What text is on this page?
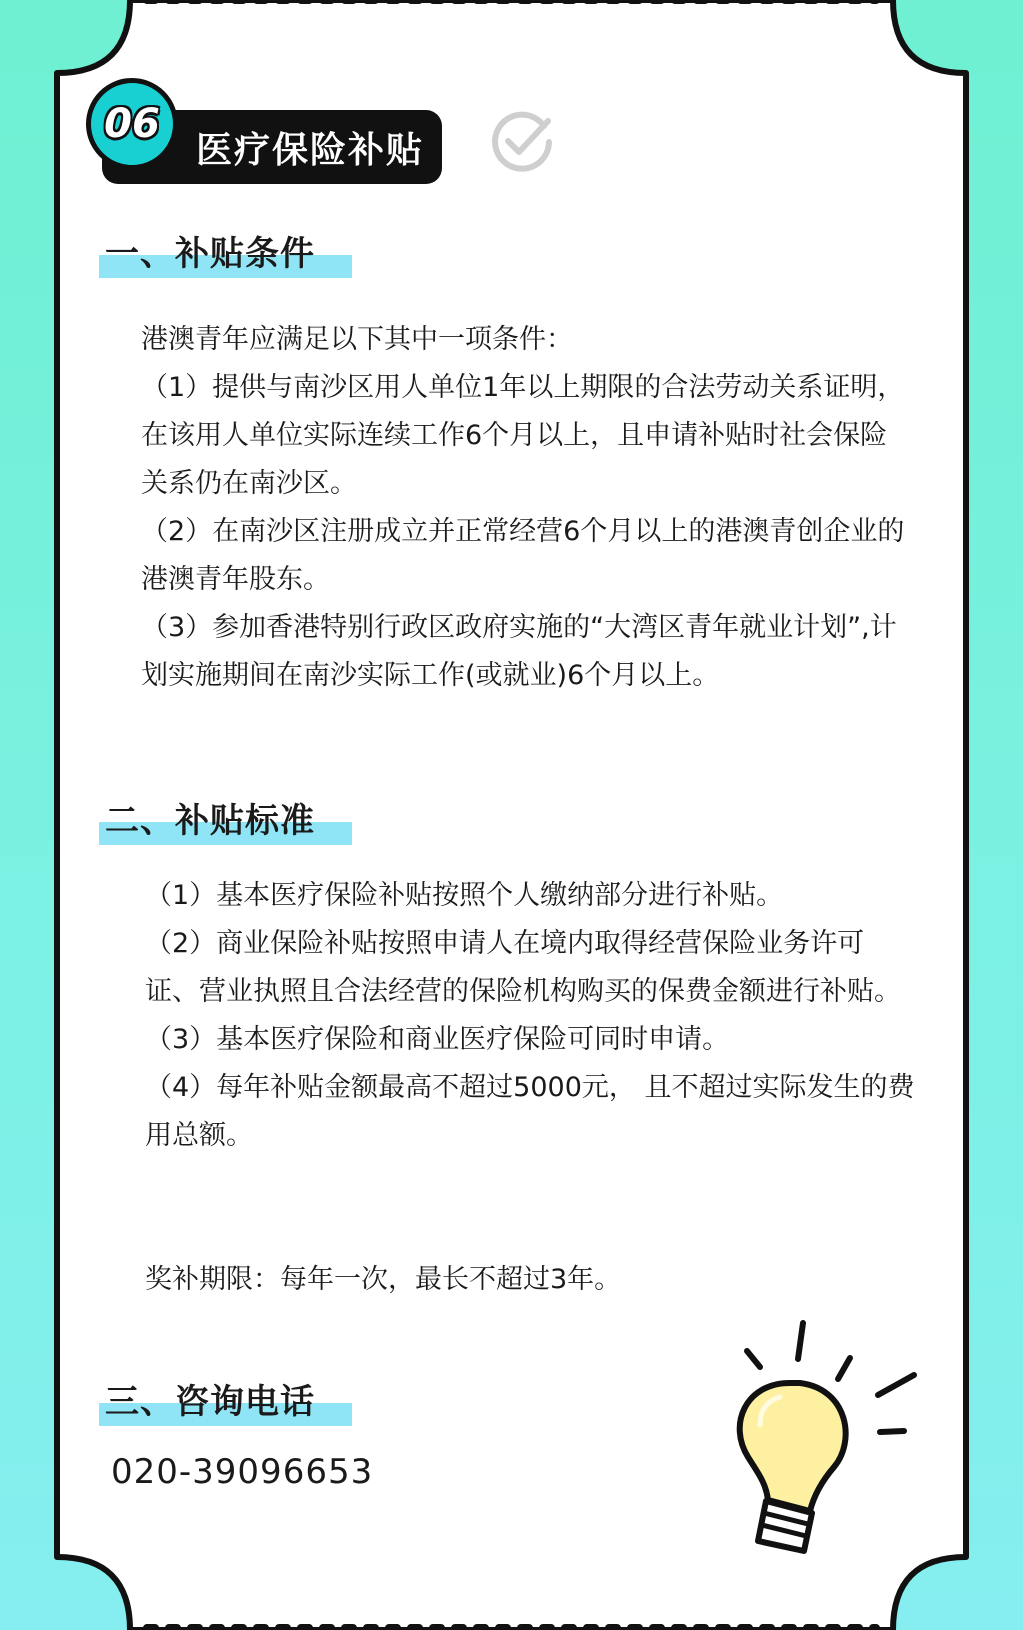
06
医疗保险补贴
一、补贴条件

港澳青年应满足以下其中一项条件：

（1）提供与南沙区用人单位1年以上期限的合法劳动关系证明， 在该用人单位实际连续工作6个月以上，且申请补贴时社会保险关系仍在南沙区。

（2）在南沙区注册成立并正常经营6个月以上的港澳青创企业的港澳青年股东。

（3）参加香港特别行政区政府实施的“大湾区青年就业计划”,计划实施期间在南沙实际工作(或就业)6个月以上。

二、补贴标准

（1）基本医疗保险补贴按照个人缴纳部分进行补贴。

（2）商业保险补贴按照申请人在境内取得经营保险业务许可证、营业执照且合法经营的保险机构购买的保费金额进行补贴。

（3）基本医疗保险和商业医疗保险可同时申请。

（4）每年补贴金额最高不超过5000元， 且不超过实际发生的费用总额。

奖补期限：每年一次，最长不超过3年。
三、咨询电话
020-39096653
